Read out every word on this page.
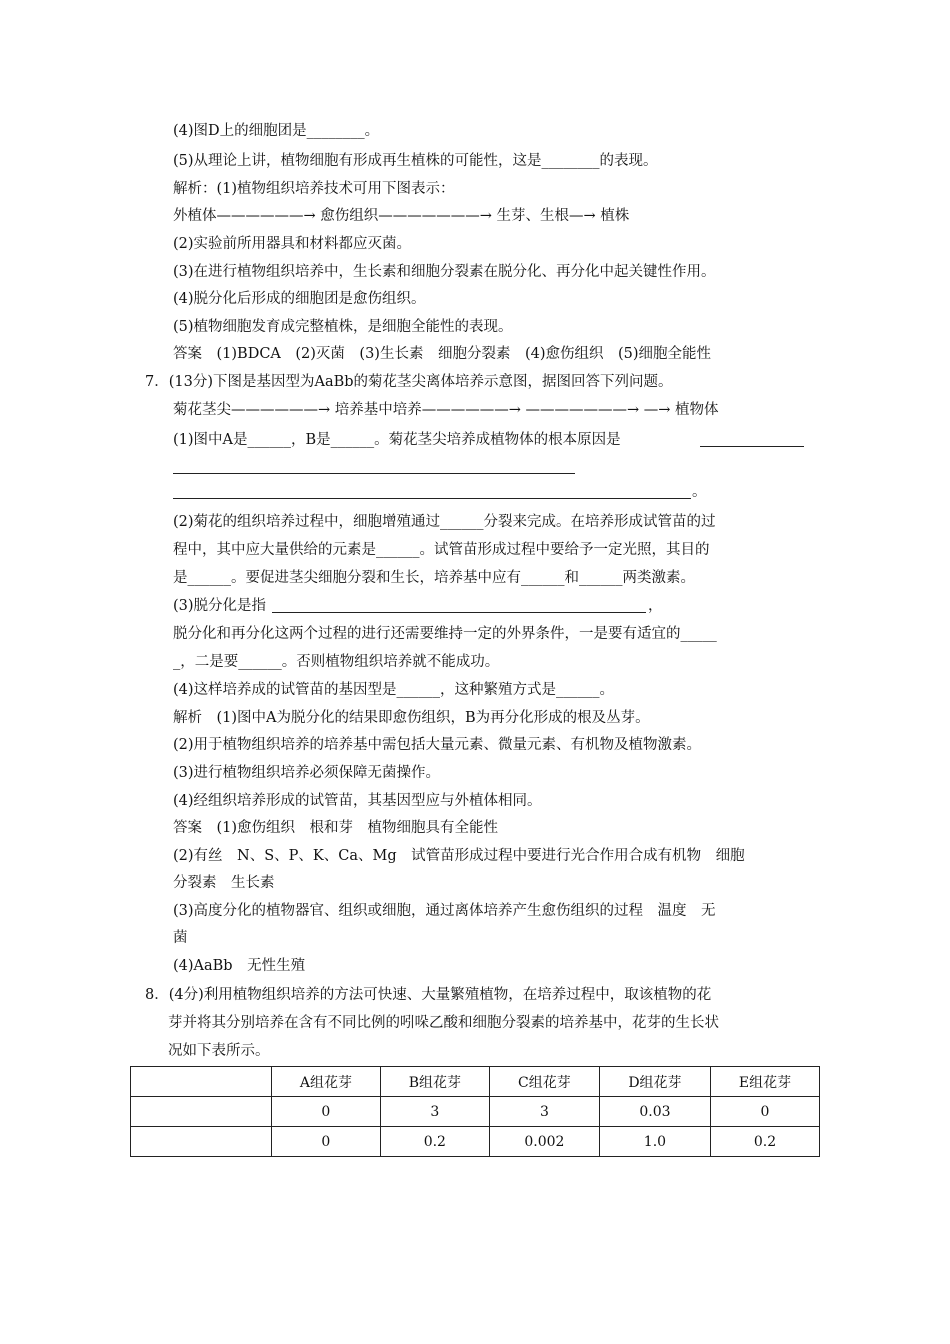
(4)图D上的细胞团是________。
(5)从理论上讲，植物细胞有形成再生植株的可能性，这是________的表现。
解析：(1)植物组织培养技术可用下图表示：
外植体——————→ 愈伤组织———————→ 生芽、生根—→ 植株
(2)实验前所用器具和材料都应灭菌。
(3)在进行植物组织培养中，生长素和细胞分裂素在脱分化、再分化中起关键性作用。
(4)脱分化后形成的细胞团是愈伤组织。
(5)植物细胞发育成完整植株，是细胞全能性的表现。
答案　(1)BDCA　(2)灭菌　(3)生长素　细胞分裂素　(4)愈伤组织　(5)细胞全能性
7．(13分)下图是基因型为AaBb的菊花茎尖离体培养示意图，据图回答下列问题。
菊花茎尖——————→ 培养基中培养——————→ ———————→ —→ 植物体
(1)图中A是______，B是______。菊花茎尖培养成植物体的根本原因是
。
(2)菊花的组织培养过程中，细胞增殖通过______分裂来完成。在培养形成试管苗的过
程中，其中应大量供给的元素是______。试管苗形成过程中要给予一定光照，其目的
是______。要促进茎尖细胞分裂和生长，培养基中应有______和______两类激素。
(3)脱分化是指	，
脱分化和再分化这两个过程的进行还需要维持一定的外界条件，一是要有适宜的_____
_，二是要______。否则植物组织培养就不能成功。
(4)这样培养成的试管苗的基因型是______，这种繁殖方式是______。
解析　(1)图中A为脱分化的结果即愈伤组织，B为再分化形成的根及丛芽。
(2)用于植物组织培养的培养基中需包括大量元素、微量元素、有机物及植物激素。
(3)进行植物组织培养必须保障无菌操作。
(4)经组织培养形成的试管苗，其基因型应与外植体相同。
答案　(1)愈伤组织　根和芽　植物细胞具有全能性
(2)有丝　N、S、P、K、Ca、Mg　试管苗形成过程中要进行光合作用合成有机物　细胞
分裂素　生长素
(3)高度分化的植物器官、组织或细胞，通过离体培养产生愈伤组织的过程　温度　无
菌
(4)AaBb　无性生殖
8．(4分)利用植物组织培养的方法可快速、大量繁殖植物，在培养过程中，取该植物的花
芽并将其分别培养在含有不同比例的吲哚乙酸和细胞分裂素的培养基中，花芽的生长状
况如下表所示。
	A组花芽	B组花芽	C组花芽	D组花芽	E组花芽
	0	3	3	0.03	0
	0	0.2	0.002	1.0	0.2
